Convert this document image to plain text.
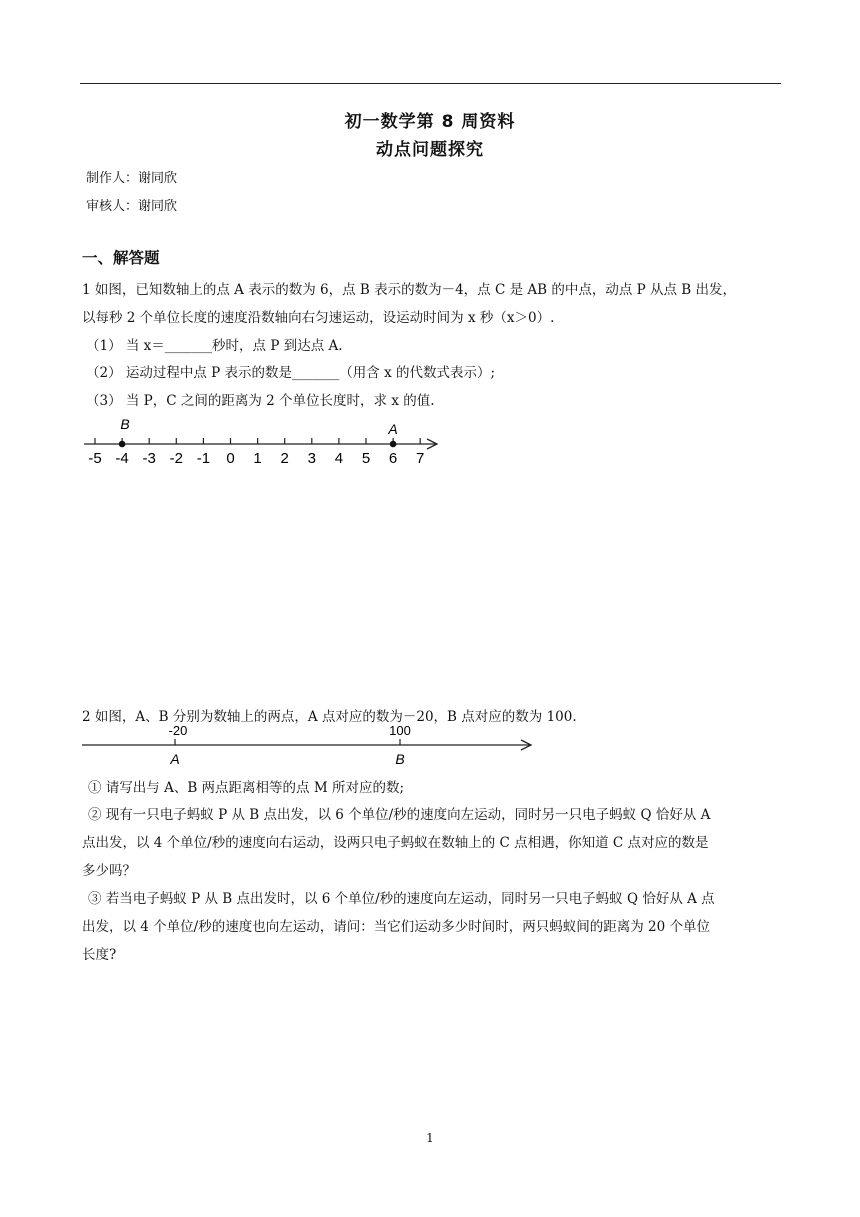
初一数学第 8 周资料
动点问题探究
制作人：谢同欣
审核人：谢同欣
一、解答题
1 如图，已知数轴上的点 A 表示的数为 6，点 B 表示的数为－4，点 C 是 AB 的中点，动点 P 从点 B 出发，
以每秒 2 个单位长度的速度沿数轴向右匀速运动，设运动时间为 x 秒（x＞0）.
（1） 当 x＝_______秒时，点 P 到达点 A.
（2） 运动过程中点 P 表示的数是_______（用含 x 的代数式表示）;
（3） 当 P，C 之间的距离为 2 个单位长度时，求 x 的值.
-5 -4 -3 -2 -1 0 1 2 3 4 5 6 7
B	A
2 如图，A、B 分别为数轴上的两点，A 点对应的数为－20，B 点对应的数为 100.
-20	100
A	B
① 请写出与 A、B 两点距离相等的点 M 所对应的数;
② 现有一只电子蚂蚁 P 从 B 点出发，以 6 个单位/秒的速度向左运动，同时另一只电子蚂蚁 Q 恰好从 A
点出发，以 4 个单位/秒的速度向右运动，设两只电子蚂蚁在数轴上的 C 点相遇，你知道 C 点对应的数是
多少吗？
③ 若当电子蚂蚁 P 从 B 点出发时，以 6 个单位/秒的速度向左运动，同时另一只电子蚂蚁 Q 恰好从 A 点
出发，以 4 个单位/秒的速度也向左运动，请问：当它们运动多少时间时，两只蚂蚁间的距离为 20 个单位
长度?
1
